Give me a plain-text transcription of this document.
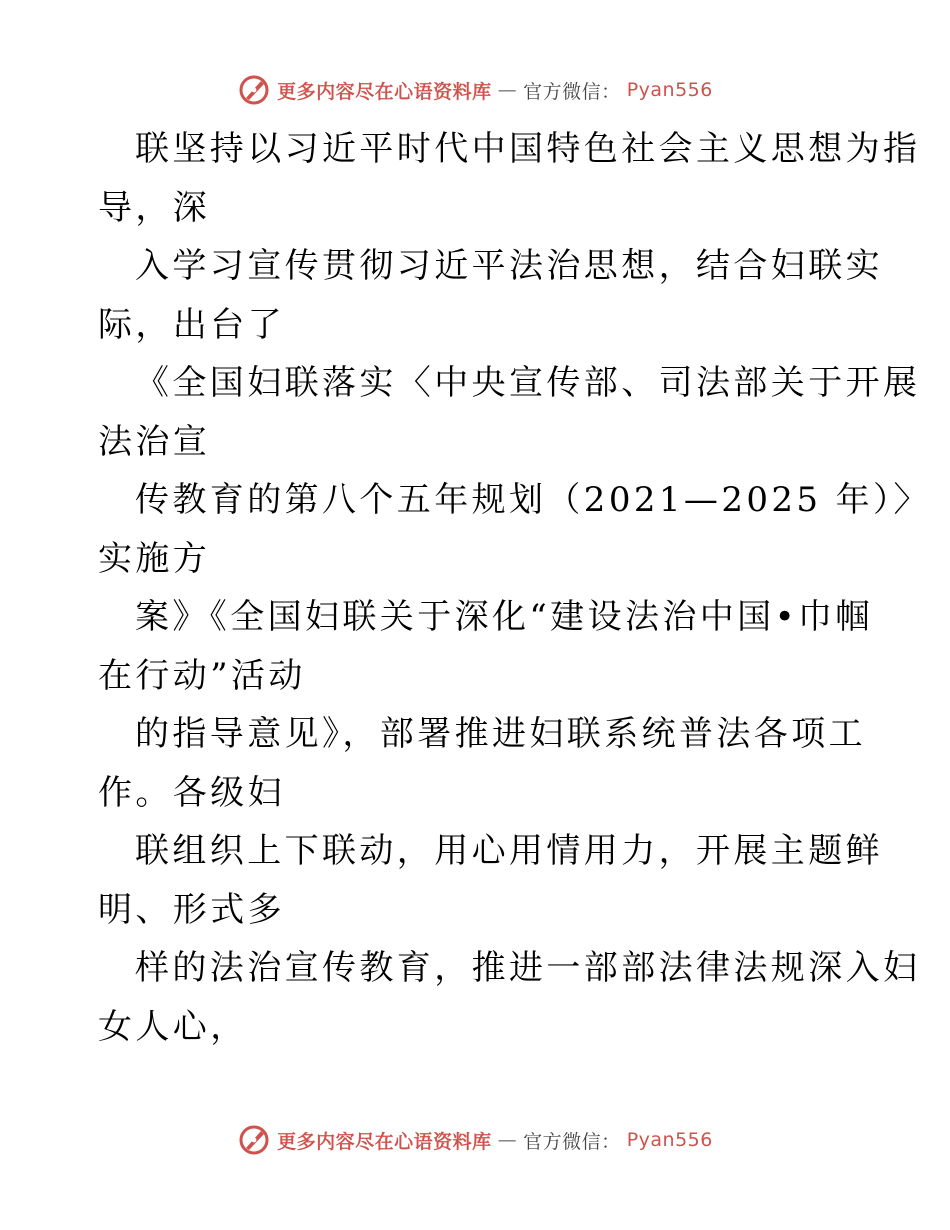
更多内容尽在心语资料库 — 官方微信： Pyan556
联坚持以习近平时代中国特色社会主义思想为指
导，深
入学习宣传贯彻习近平法治思想，结合妇联实
际，出台了
《全国妇联落实〈中央宣传部、司法部关于开展
法治宣
传教育的第八个五年规划（2021—2025 年）〉
实施方
案》《全国妇联关于深化“建设法治中国•巾帼
在行动”活动
的指导意见》，部署推进妇联系统普法各项工
作。各级妇
联组织上下联动，用心用情用力，开展主题鲜
明、形式多
样的法治宣传教育，推进一部部法律法规深入妇
女人心，
更多内容尽在心语资料库 — 官方微信： Pyan556
